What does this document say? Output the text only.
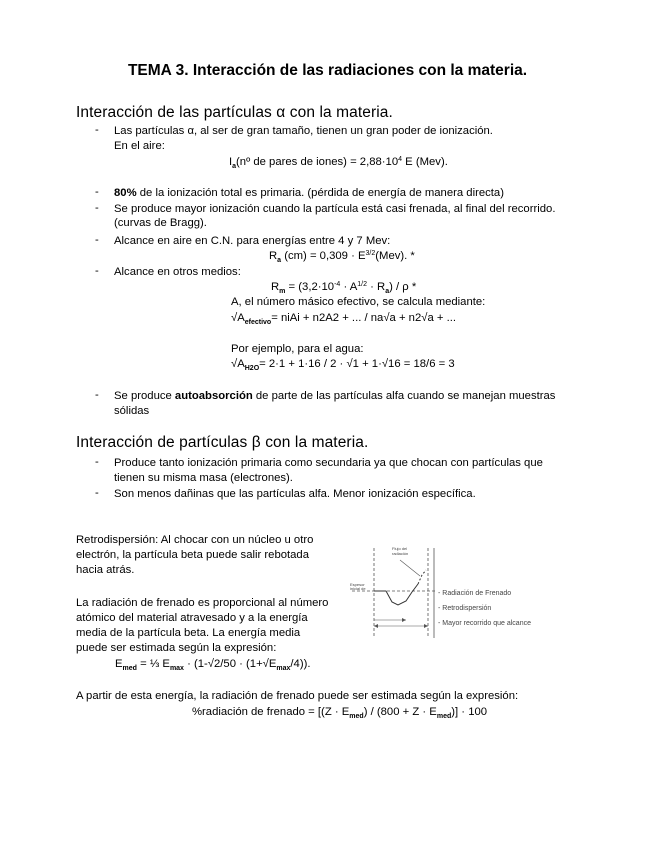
TEMA 3. Interacción de las radiaciones con la materia.
Interacción de las partículas α con la materia.
- Las partículas α, al ser de gran tamaño, tienen un gran poder de ionización.
En el aire:
$I_a(nº$ de pares de iones) = $2,88\cdot 10^4$ E (Mev).
- 80% de la ionización total es primaria. (pérdida de energía de manera directa)
- Se produce mayor ionización cuando la partícula está casi frenada, al final del recorrido.
(curvas de Bragg).
- Alcance en aire en C.N. para energías entre 4 y 7 Mev:
$R_a$ $(cm) = 0,309 \cdot E^{3/2}(Mev)$. *
- Alcance en otros medios:
$R_m = (3,2\cdot 10^{-4} \cdot A^{1/2} \cdot R_a) / \rho$ *
A, el número másico efectivo, se calcula mediante:
$√A_{efectivo}=$ niAi + n2A2 + ... / na√a + n2√a + ...
Por ejemplo, para el agua:
$√A_{H2O}= 2\cdot 1 + 1\cdot 16 / 2 \cdot √1 + 1\cdot√16 = 18/6 = 3$
- Se produce autoabsorción de parte de las partículas alfa cuando se manejan muestras
sólidas
Interacción de partículas β con la materia.
- Produce tanto ionización primaria como secundaria ya que chocan con partículas que
tienen su misma masa (electrones).
- Son menos dañinas que las partículas alfa. Menor ionización específica.
Retrodispersión: Al chocar con un núcleo u otro
electrón, la partícula beta puede salir rebotada
hacia atrás.
La radiación de frenado es proporcional al número
atómico del material atravesado y a la energía
media de la partícula beta. La energía media
puede ser estimada según la expresión:
$E_{med}$ = ⅓ $E_{max} \cdot (1-√2/50 \cdot (1+√E_{max}/4))$.
A partir de esta energía, la radiación de frenado puede ser estimada según la expresión:
%radiación de frenado = $[(Z \cdot E_{med}) / (800 + Z \cdot E_{med})] \cdot 100$
Flujo del
radiación
Espesor
inicial de
- Radiación de Frenado
- Retrodispersión
- Mayor recorrido que alcance
